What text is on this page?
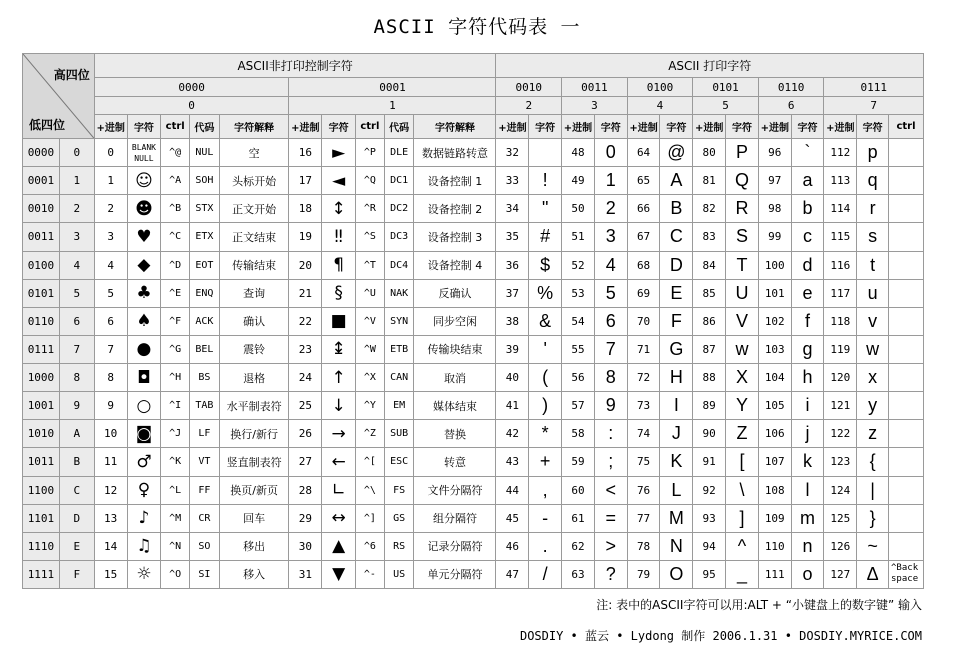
ASCII 字符代码表 一
高四位
低四位		ASCII非打印控制字符										ASCII 打印字符												
		0000					0001					0010		0011		0100		0101		0110		0111		
		0					1					2		3		4		5		6		7		
		+进制	字符	ctrl	代码	字符解释	+进制	字符	ctrl	代码	字符解释	+进制	字符	+进制	字符	+进制	字符	+进制	字符	+进制	字符	+进制	字符	ctrl
0000	0	0	BLANK NULL	^@	NUL	空	16	►	^P	DLE	数据链路转意	32		48	0	64	@	80	P	96	`	112	p	
0001	1	1	☺	^A	SOH	头标开始	17	◄	^Q	DC1	设备控制 1	33	!	49	1	65	A	81	Q	97	a	113	q	
0010	2	2	☻	^B	STX	正文开始	18	↕	^R	DC2	设备控制 2	34	"	50	2	66	B	82	R	98	b	114	r	
0011	3	3	♥	^C	ETX	正文结束	19	‼	^S	DC3	设备控制 3	35	#	51	3	67	C	83	S	99	c	115	s	
0100	4	4	◆	^D	EOT	传输结束	20	¶	^T	DC4	设备控制 4	36	$	52	4	68	D	84	T	100	d	116	t	
0101	5	5	♣	^E	ENQ	查询	21	§	^U	NAK	反确认	37	%	53	5	69	E	85	U	101	e	117	u	
0110	6	6	♠	^F	ACK	确认	22	■	^V	SYN	同步空闲	38	&	54	6	70	F	86	V	102	f	118	v	
0111	7	7	●	^G	BEL	震铃	23	↨	^W	ETB	传输块结束	39	'	55	7	71	G	87	w	103	g	119	w	
1000	8	8	◘	^H	BS	退格	24	↑	^X	CAN	取消	40	(	56	8	72	H	88	X	104	h	120	x	
1001	9	9	○	^I	TAB	水平制表符	25	↓	^Y	EM	媒体结束	41	)	57	9	73	I	89	Y	105	i	121	y	
1010	A	10	◙	^J	LF	换行/新行	26	→	^Z	SUB	替换	42	*	58	:	74	J	90	Z	106	j	122	z	
1011	B	11	♂	^K	VT	竖直制表符	27	←	^[	ESC	转意	43	+	59	;	75	K	91	[	107	k	123	{	
1100	C	12	♀	^L	FF	换页/新页	28	∟	^\	FS	文件分隔符	44	,	60	<	76	L	92	\	108	l	124	|	
1101	D	13	♪	^M	CR	回车	29	↔	^]	GS	组分隔符	45	-	61	=	77	M	93	]	109	m	125	}	
1110	E	14	♫	^N	SO	移出	30	▲	^6	RS	记录分隔符	46	.	62	>	78	N	94	^	110	n	126	~	
1111	F	15	☼	^O	SI	移入	31	▼	^-	US	单元分隔符	47	/	63	?	79	O	95	_	111	o	127	Δ	^Back space
注: 表中的ASCII字符可以用:ALT + “小键盘上的数字键” 输入
DOSDIY • 蓝云 • Lydong 制作 2006.1.31 • DOSDIY.MYRICE.COM
